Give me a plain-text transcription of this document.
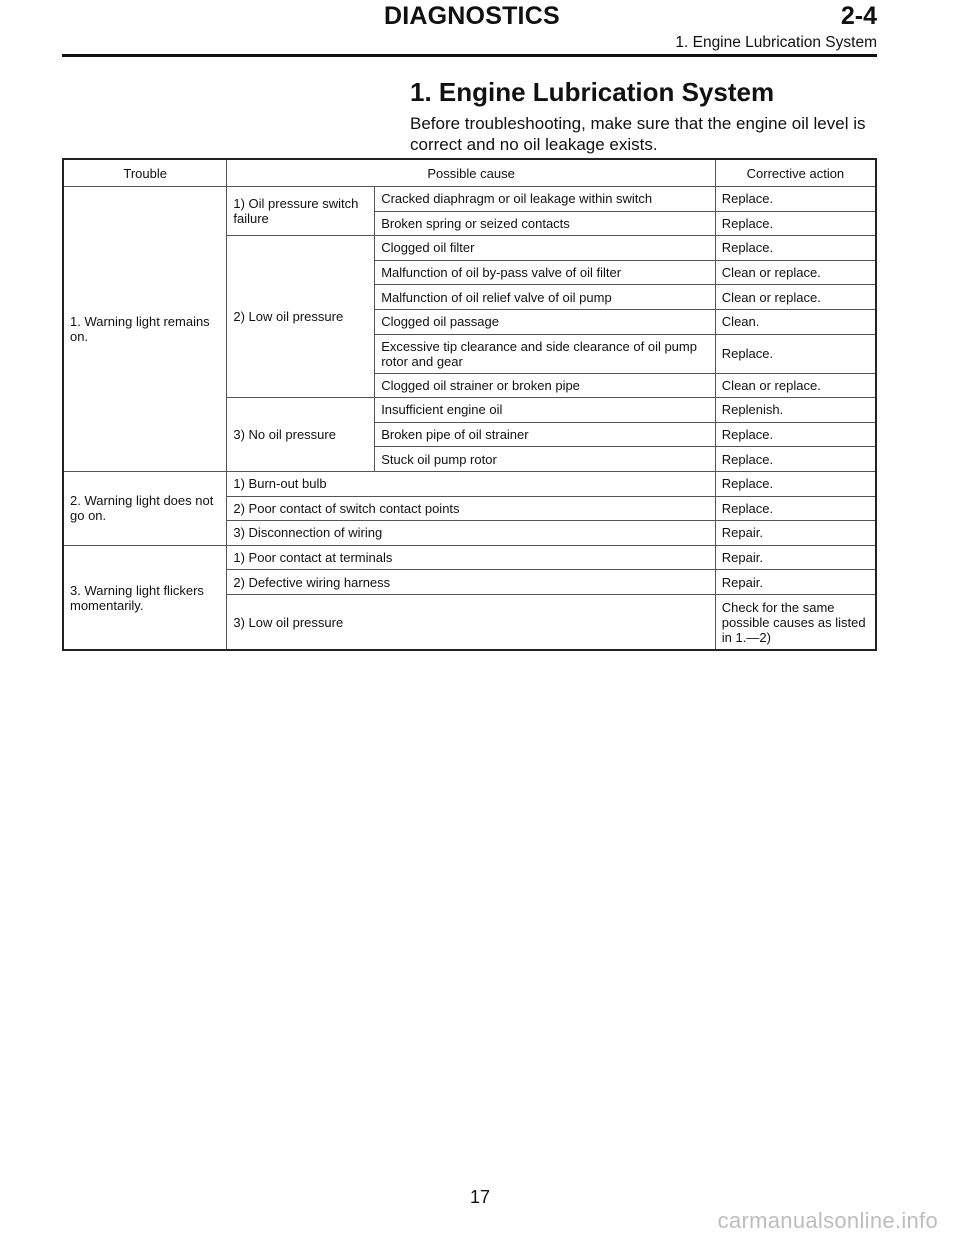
DIAGNOSTICS	2-4
1. Engine Lubrication System
1. Engine Lubrication System

Before troubleshooting, make sure that the engine oil level is correct and no oil leakage exists.

Trouble	Possible cause		Corrective action
1. Warning light remains on.	1) Oil pressure switch failure	Cracked diaphragm or oil leakage within switch	Replace.
		Broken spring or seized contacts	Replace.
	2) Low oil pressure	Clogged oil filter	Replace.
		Malfunction of oil by-pass valve of oil filter	Clean or replace.
		Malfunction of oil relief valve of oil pump	Clean or replace.
		Clogged oil passage	Clean.
		Excessive tip clearance and side clearance of oil pump rotor and gear	Replace.
		Clogged oil strainer or broken pipe	Clean or replace.
	3) No oil pressure	Insufficient engine oil	Replenish.
		Broken pipe of oil strainer	Replace.
		Stuck oil pump rotor	Replace.
2. Warning light does not go on.	1) Burn-out bulb		Replace.
	2) Poor contact of switch contact points		Replace.
	3) Disconnection of wiring		Repair.
3. Warning light flickers momentarily.	1) Poor contact at terminals		Repair.
	2) Defective wiring harness		Repair.
	3) Low oil pressure		Check for the same possible causes as listed in 1.—2)
17
carmanualsonline.info
